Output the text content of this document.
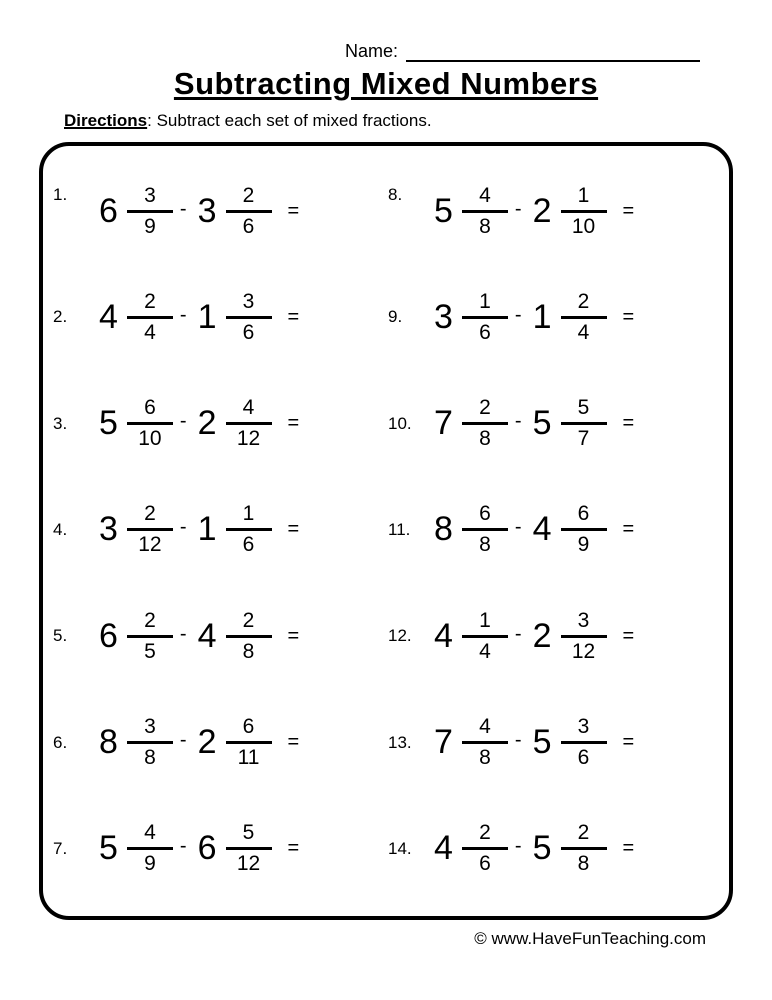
Name:
Subtracting Mixed Numbers

Directions: Subtract each set of mixed fractions.

1. $6 \frac{3}{9} - 3 \frac{2}{6}$ =
2. $4 \frac{2}{4} - 1 \frac{3}{6}$ =
3. $5 \frac{6}{10} - 2 \frac{4}{12}$ =
4. $3 \frac{2}{12} - 1 \frac{1}{6}$ =
5. $6 \frac{2}{5} - 4 \frac{2}{8}$ =
6. $8 \frac{3}{8} - 2 \frac{6}{11}$ =
7. $5 \frac{4}{9} - 6 \frac{5}{12}$ =
8. $5 \frac{4}{8} - 2 \frac{1}{10}$ =
9. $3 \frac{1}{6} - 1 \frac{2}{4}$ =
10. $7 \frac{2}{8} - 5 \frac{5}{7}$ =
11. $8 \frac{6}{8} - 4 \frac{6}{9}$ =
12. $4 \frac{1}{4} - 2 \frac{3}{12}$ =
13. $7 \frac{4}{8} - 5 \frac{3}{6}$ =
14. $4 \frac{2}{6} - 5 \frac{2}{8}$ =
© www.HaveFunTeaching.com
